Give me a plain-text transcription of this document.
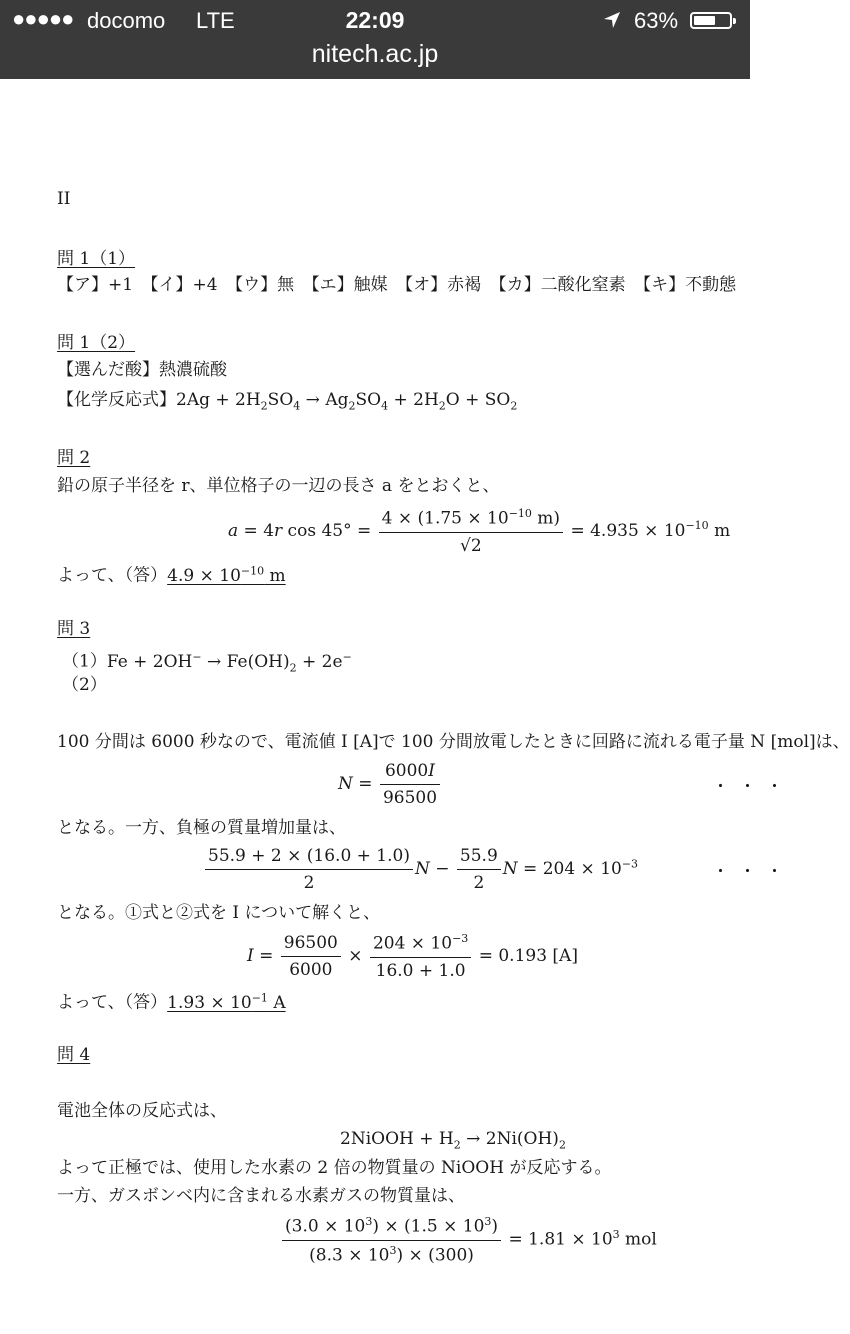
●●●●● docomo LTE	22:09	63%
nitech.ac.jp
II
問 1（1）
【ア】+1　【イ】+4　【ウ】無　【エ】触媒　【オ】赤褐　【カ】二酸化窒素　【キ】不動態
問 1（2）
【選んだ酸】熱濃硫酸
【化学反応式】$2Ag + 2H_2SO_4 \to Ag_2SO_4 + 2H_2O + SO_2$
問 2
鉛の原子半径を r、単位格子の一辺の長さ a をとおくと、
a = 4r $\cos 45^\circ = \frac{4 \times (1.75 \times 10^{-10} m)}{√2} = 4.935 \times 10^{-10}$ m
よって、（答）$4.9 \times 10^{-10}$ m
問 3
$(1)Fe + 2OH^- \to Fe(OH)_2 + 2e^-$
（2）
100 分間は 6000 秒なので、電流値 I [A]で 100 分間放電したときに回路に流れる電子量 N [mol]は、
$N = \frac{6000I}{96500}$	・・・
となる。一方、負極の質量増加量は、
$\frac{55.9 + 2 \times (16.0 + 1.0)}{2}$ $N - \frac{55.9}{2}$ $N = 204 \times 10^{-3}$	・・・
となる。①式と②式を I について解くと、
$I = \frac{96500}{6000} \times \frac{204 \times 10^{-3}}{16.0 + 1.0} = 0.193$ [A]
よって、（答）$1.93 \times 10^{-1}$ A
問 4
電池全体の反応式は、
2NiOOH + $H_2 \to 2Ni(OH)_2$
よって正極では、使用した水素の 2 倍の物質量の NiOOH が反応する。
一方、ガスボンベ内に含まれる水素ガスの物質量は、
$\frac{(3.0 \times 10^3) \times (1.5 \times 10^3)}{(8.3 \times 10^3) \times (300)} = 1.81 \times 10^3$ mol
